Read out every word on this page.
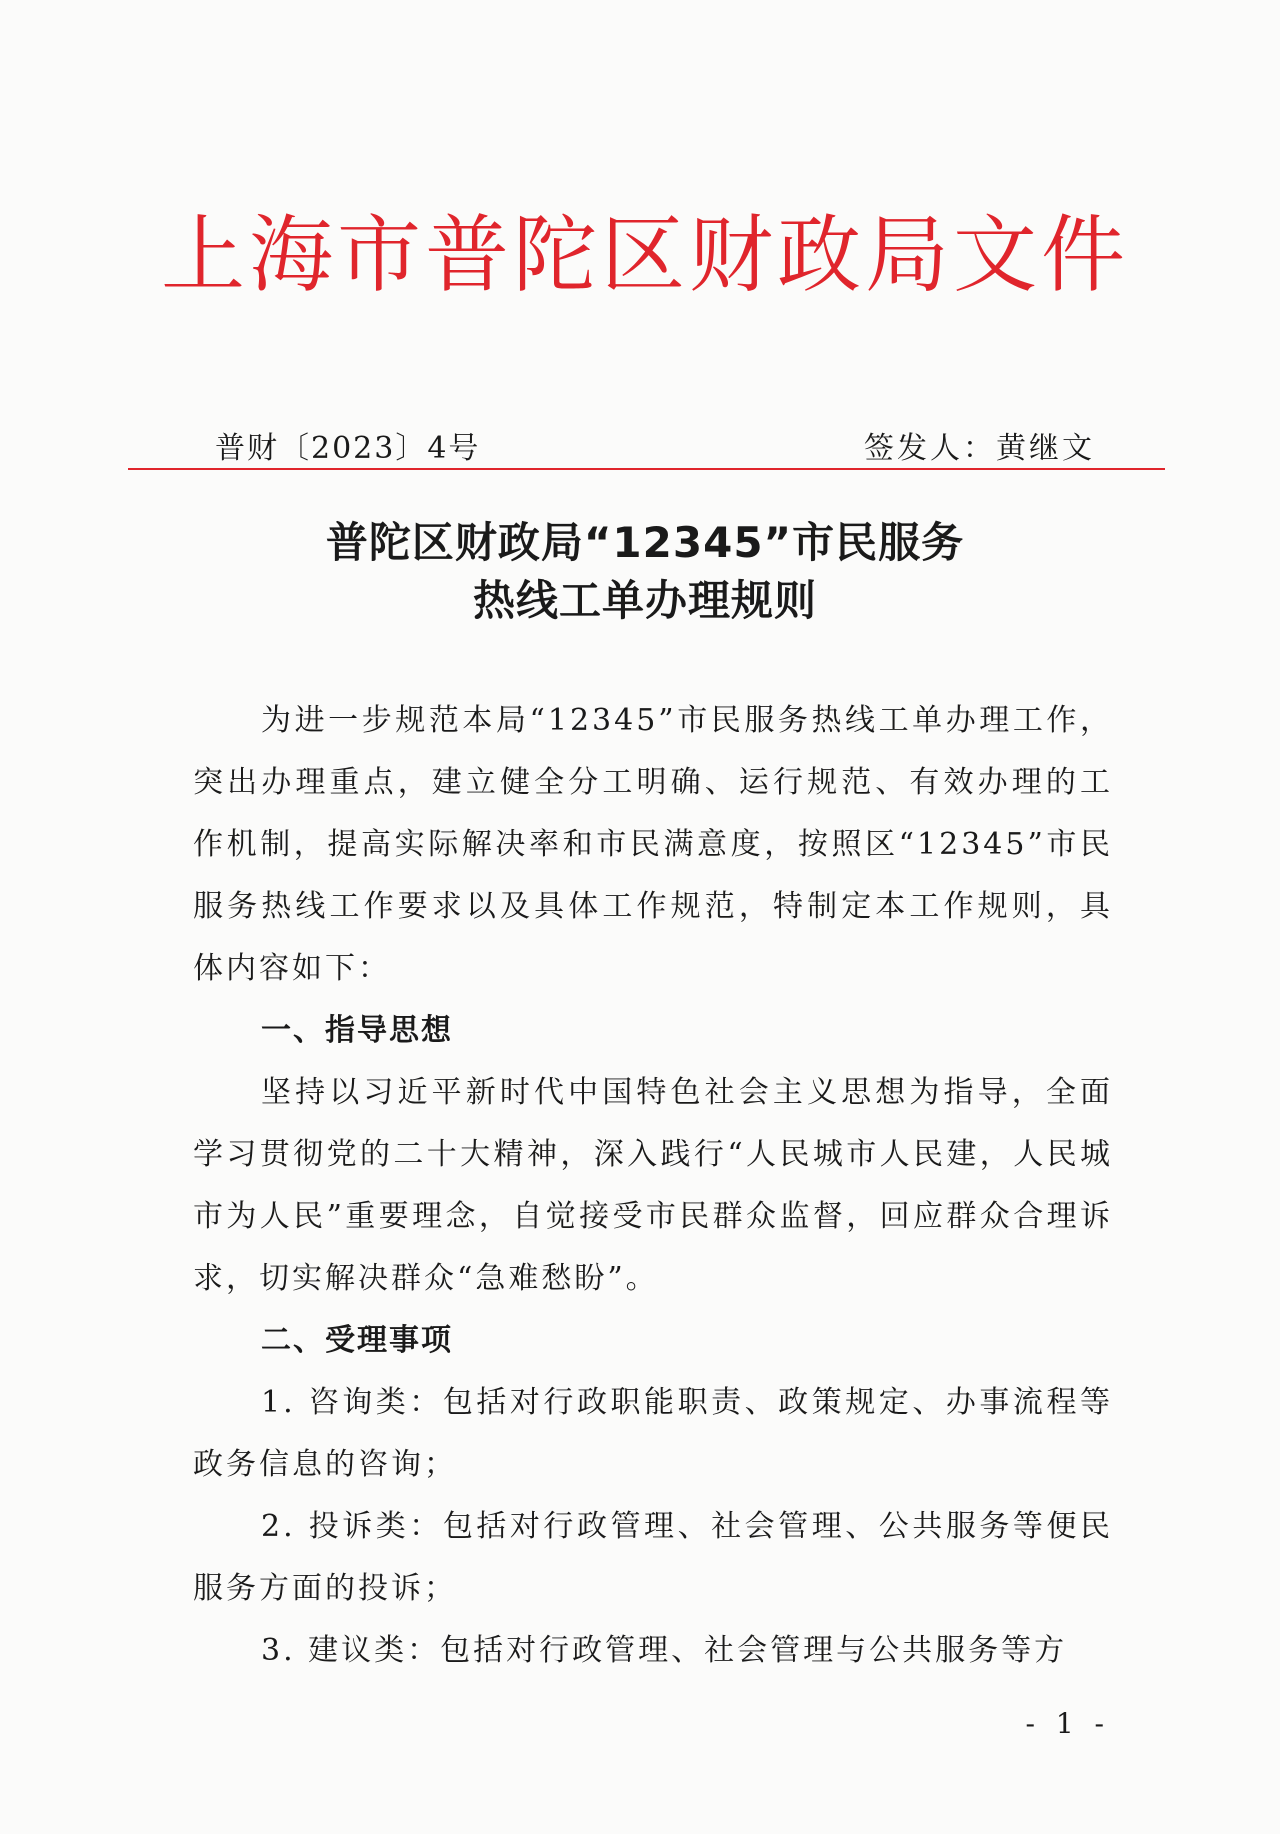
上海市普陀区财政局文件
普财〔2023〕4号	签发人：黄继文
普陀区财政局“12345”市民服务
热线工单办理规则

为进一步规范本局“12345”市民服务热线工单办理工作，突出办理重点，建立健全分工明确、运行规范、有效办理的工作机制，提高实际解决率和市民满意度，按照区“12345”市民服务热线工作要求以及具体工作规范，特制定本工作规则，具体内容如下：

一、指导思想

坚持以习近平新时代中国特色社会主义思想为指导，全面学习贯彻党的二十大精神，深入践行“人民城市人民建，人民城市为人民”重要理念，自觉接受市民群众监督，回应群众合理诉求，切实解决群众“急难愁盼”。

二、受理事项

1. 咨询类：包括对行政职能职责、政策规定、办事流程等政务信息的咨询；

2. 投诉类：包括对行政管理、社会管理、公共服务等便民服务方面的投诉；

3. 建议类：包括对行政管理、社会管理与公共服务等方

- 1 -
